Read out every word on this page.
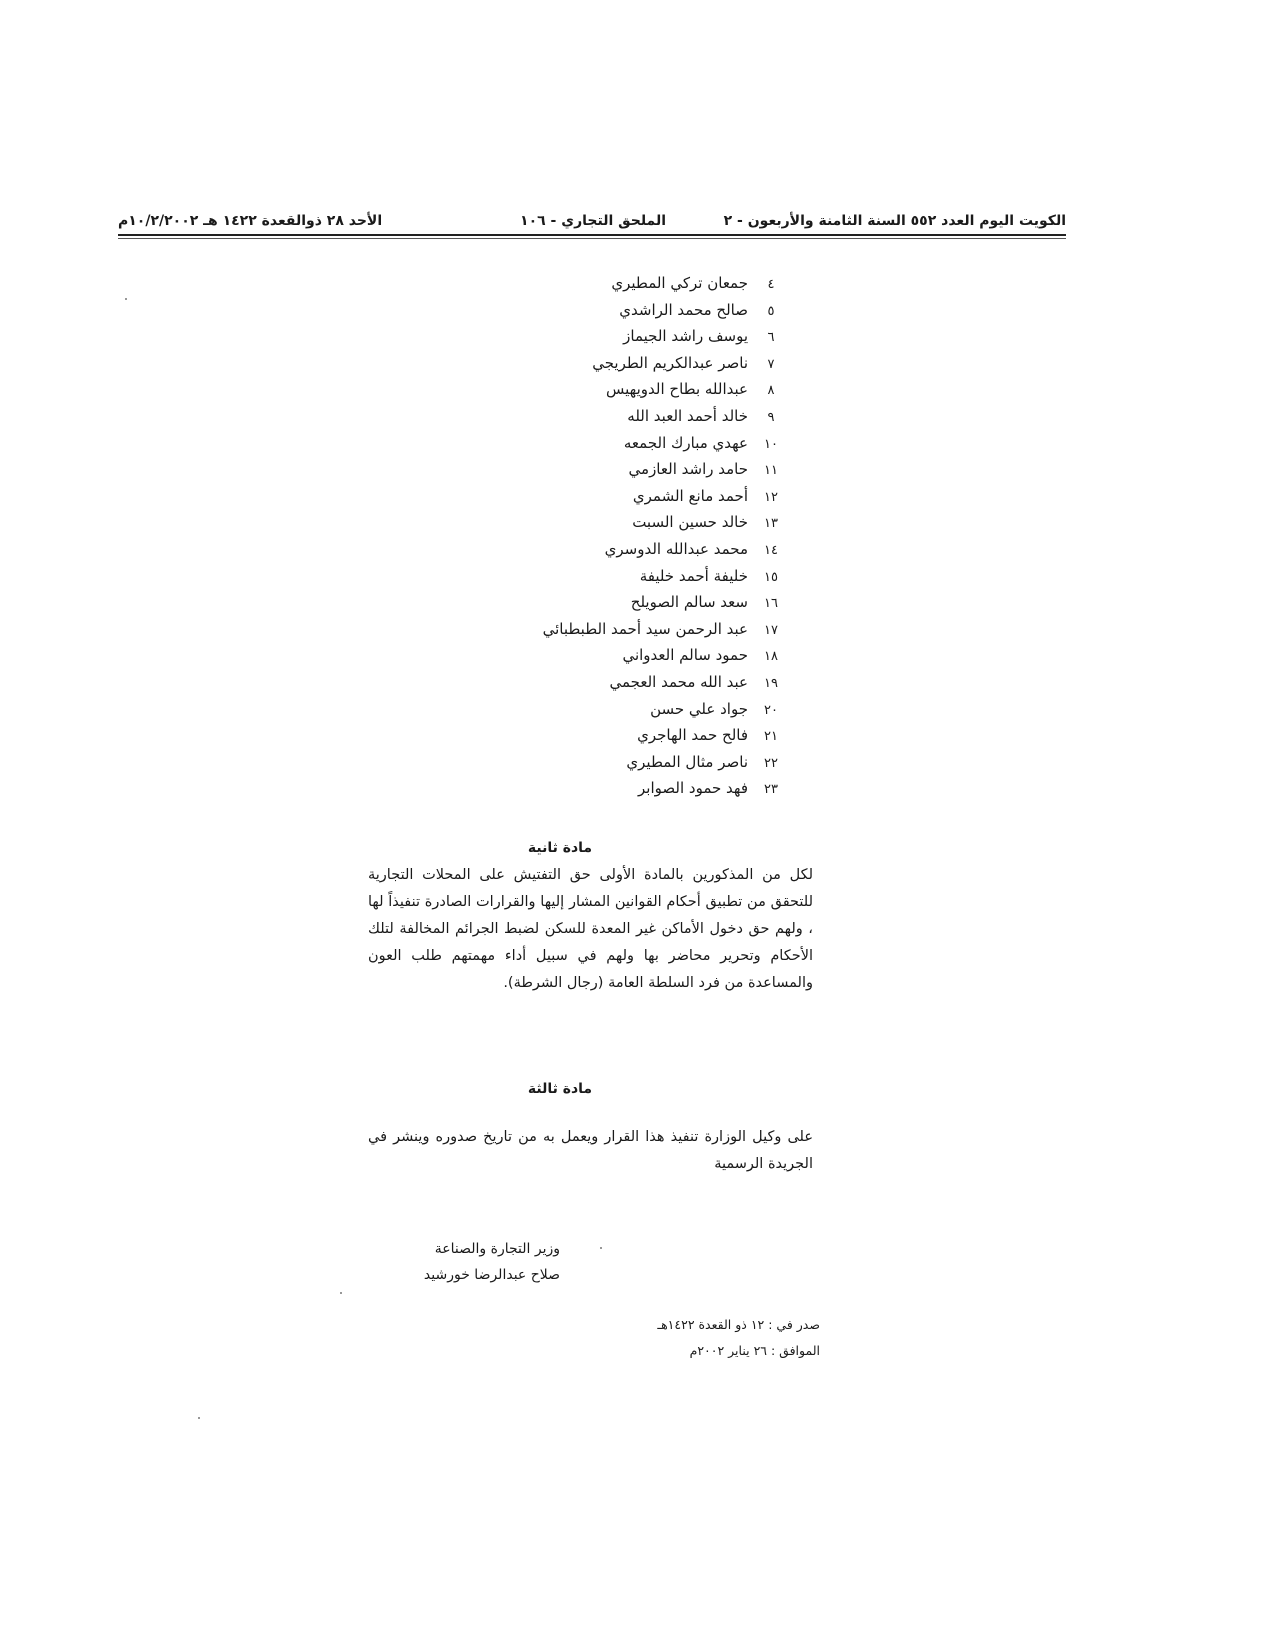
الكويت اليوم العدد ٥٥٢ السنة الثامنة والأربعون - ٢
الملحق التجاري - ١٠٦
الأحد ٢٨ ذوالقعدة ١٤٢٢ هـ ١٠/٢/٢٠٠٢م
٤جمعان تركي المطيري
٥صالح محمد الراشدي
٦يوسف راشد الجيماز
٧ناصر عبدالكريم الطريجي
٨عبدالله بطاح الدويهيس
٩خالد أحمد العبد الله
١٠عهدي مبارك الجمعه
١١حامد راشد العازمي
١٢أحمد مانع الشمري
١٣خالد حسين السبت
١٤محمد عبدالله الدوسري
١٥خليفة أحمد خليفة
١٦سعد سالم الصويلح
١٧عبد الرحمن سيد أحمد الطبطبائي
١٨حمود سالم العدواني
١٩عبد الله محمد العجمي
٢٠جواد علي حسن
٢١فالح حمد الهاجري
٢٢ناصر مثال المطيري
٢٣فهد حمود الصوابر
مادة ثانية
لكل من المذكورين بالمادة الأولى حق التفتيش على المحلات التجارية للتحقق من تطبيق أحكام القوانين المشار إليها والقرارات الصادرة تنفيذاً لها ، ولهم حق دخول الأماكن غير المعدة للسكن لضبط الجرائم المخالفة لتلك الأحكام وتحرير محاضر بها ولهم في سبيل أداء مهمتهم طلب العون والمساعدة من فرد السلطة العامة (رجال الشرطة).
مادة ثالثة
على وكيل الوزارة تنفيذ هذا القرار ويعمل به من تاريخ صدوره وينشر في الجريدة الرسمية
وزير التجارة والصناعة
صلاح عبدالرضا خورشيد
صدر في : ١٢ ذو القعدة ١٤٢٢هـ
الموافق : ٢٦ يناير ٢٠٠٢م
